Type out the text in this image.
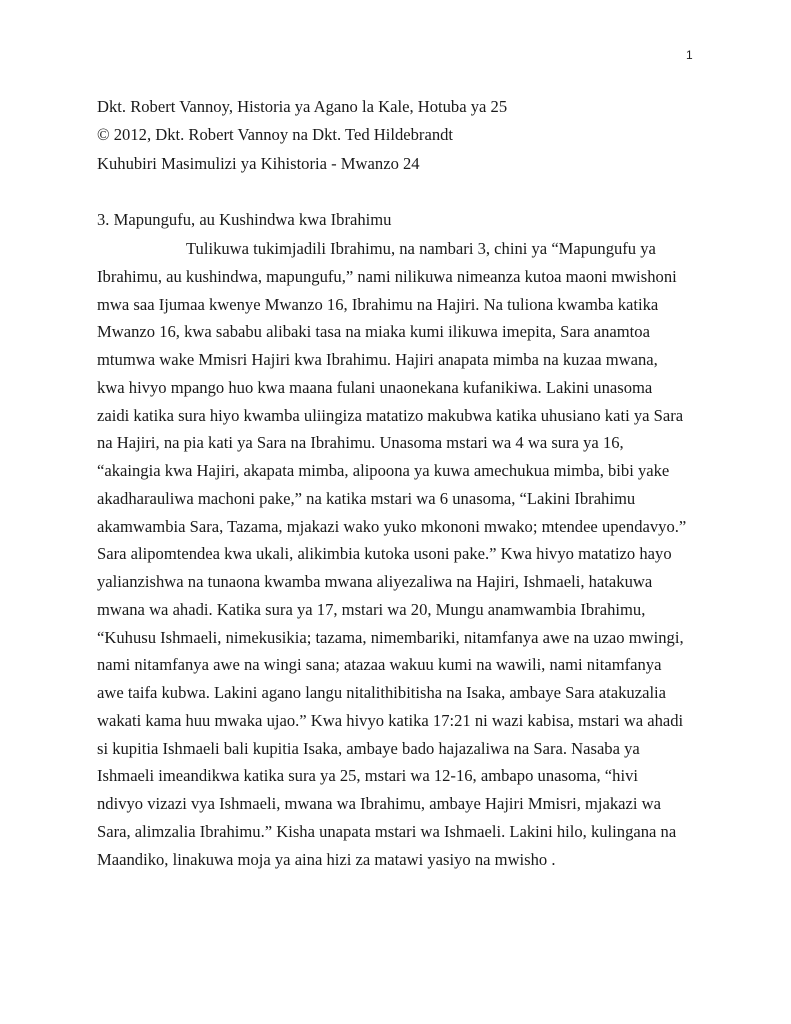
1
Dkt. Robert Vannoy, Historia ya Agano la Kale, Hotuba ya 25
© 2012, Dkt. Robert Vannoy na Dkt. Ted Hildebrandt
Kuhubiri Masimulizi ya Kihistoria - Mwanzo 24
3. Mapungufu, au Kushindwa kwa Ibrahimu
Tulikuwa tukimjadili Ibrahimu, na nambari 3, chini ya “Mapungufu ya
Ibrahimu, au kushindwa, mapungufu,” nami nilikuwa nimeanza kutoa maoni mwishoni
mwa saa Ijumaa kwenye Mwanzo 16, Ibrahimu na Hajiri. Na tuliona kwamba katika
Mwanzo 16, kwa sababu alibaki tasa na miaka kumi ilikuwa imepita, Sara anamtoa
mtumwa wake Mmisri Hajiri kwa Ibrahimu. Hajiri anapata mimba na kuzaa mwana,
kwa hivyo mpango huo kwa maana fulani unaonekana kufanikiwa. Lakini unasoma
zaidi katika sura hiyo kwamba uliingiza matatizo makubwa katika uhusiano kati ya Sara
na Hajiri, na pia kati ya Sara na Ibrahimu. Unasoma mstari wa 4 wa sura ya 16,
“akaingia kwa Hajiri, akapata mimba, alipoona ya kuwa amechukua mimba, bibi yake
akadharauliwa machoni pake,” na katika mstari wa 6 unasoma, “Lakini Ibrahimu
akamwambia Sara, Tazama, mjakazi wako yuko mkononi mwako; mtendee upendavyo.”
Sara alipomtendea kwa ukali, alikimbia kutoka usoni pake.” Kwa hivyo matatizo hayo
yalianzishwa na tunaona kwamba mwana aliyezaliwa na Hajiri, Ishmaeli, hatakuwa
mwana wa ahadi. Katika sura ya 17, mstari wa 20, Mungu anamwambia Ibrahimu,
“Kuhusu Ishmaeli, nimekusikia; tazama, nimembariki, nitamfanya awe na uzao mwingi,
nami nitamfanya awe na wingi sana; atazaa wakuu kumi na wawili, nami nitamfanya
awe taifa kubwa. Lakini agano langu nitalithibitisha na Isaka, ambaye Sara atakuzalia
wakati kama huu mwaka ujao.” Kwa hivyo katika 17:21 ni wazi kabisa, mstari wa ahadi
si kupitia Ishmaeli bali kupitia Isaka, ambaye bado hajazaliwa na Sara. Nasaba ya
Ishmaeli imeandikwa katika sura ya 25, mstari wa 12-16, ambapo unasoma, “hivi
ndivyo vizazi vya Ishmaeli, mwana wa Ibrahimu, ambaye Hajiri Mmisri, mjakazi wa
Sara, alimzalia Ibrahimu.” Kisha unapata mstari wa Ishmaeli. Lakini hilo, kulingana na
Maandiko, linakuwa moja ya aina hizi za matawi yasiyo na mwisho .
